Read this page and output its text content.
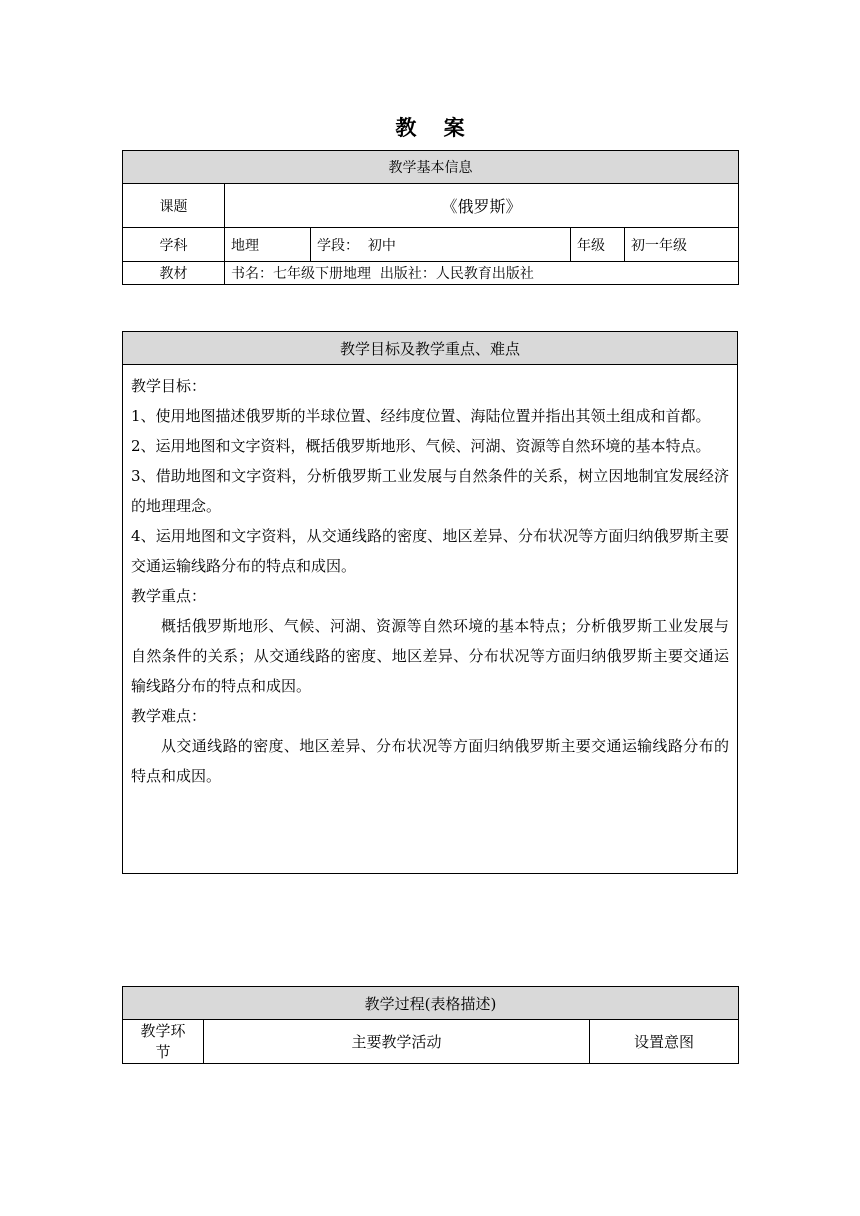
教 案
教学基本信息				
课题	《俄罗斯》			
学科	地理	学段： 初中	年级	初一年级
教材	书名：七年级下册地理  出版社：人民教育出版社			
教学目标及教学重点、难点

教学目标：

1、使用地图描述俄罗斯的半球位置、经纬度位置、海陆位置并指出其领土组成和首都。

2、运用地图和文字资料，概括俄罗斯地形、气候、河湖、资源等自然环境的基本特点。

3、借助地图和文字资料，分析俄罗斯工业发展与自然条件的关系，树立因地制宜发展经济的地理理念。

4、运用地图和文字资料，从交通线路的密度、地区差异、分布状况等方面归纳俄罗斯主要交通运输线路分布的特点和成因。

教学重点：

概括俄罗斯地形、气候、河湖、资源等自然环境的基本特点；分析俄罗斯工业发展与自然条件的关系；从交通线路的密度、地区差异、分布状况等方面归纳俄罗斯主要交通运输线路分布的特点和成因。

教学难点：

从交通线路的密度、地区差异、分布状况等方面归纳俄罗斯主要交通运输线路分布的特点和成因。

教学过程(表格描述)
教学环节	主要教学活动	设置意图
